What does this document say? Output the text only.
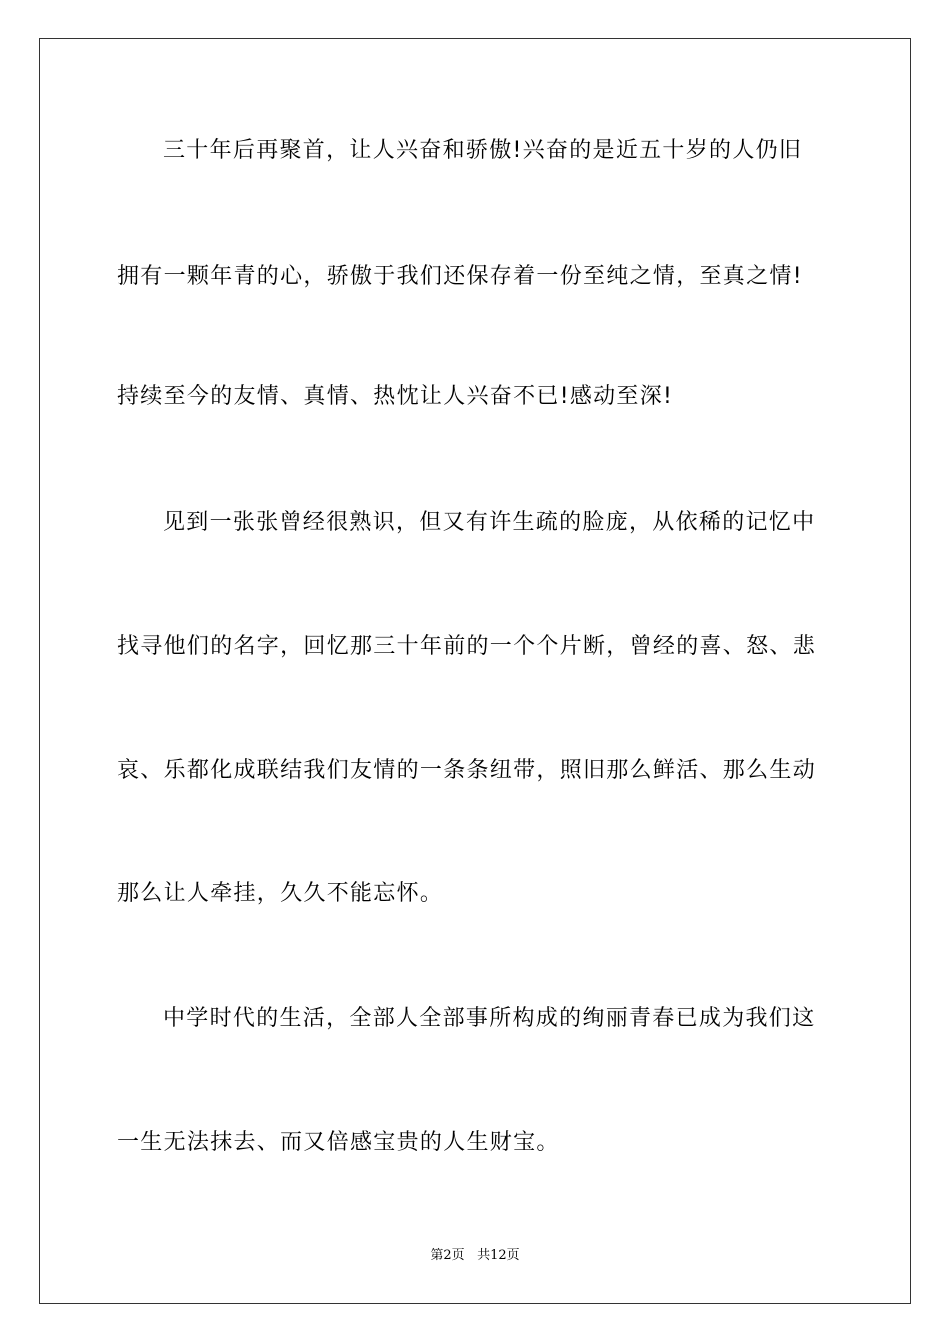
三十年后再聚首，让人兴奋和骄傲!兴奋的是近五十岁的人仍旧
拥有一颗年青的心，骄傲于我们还保存着一份至纯之情，至真之情!
持续至今的友情、真情、热忱让人兴奋不已!感动至深!
见到一张张曾经很熟识，但又有许生疏的脸庞，从依稀的记忆中
找寻他们的名字，回忆那三十年前的一个个片断，曾经的喜、怒、悲
哀、乐都化成联结我们友情的一条条纽带，照旧那么鲜活、那么生动
那么让人牵挂，久久不能忘怀。
中学时代的生活，全部人全部事所构成的绚丽青春已成为我们这
一生无法抹去、而又倍感宝贵的人生财宝。
第2页 共12页
